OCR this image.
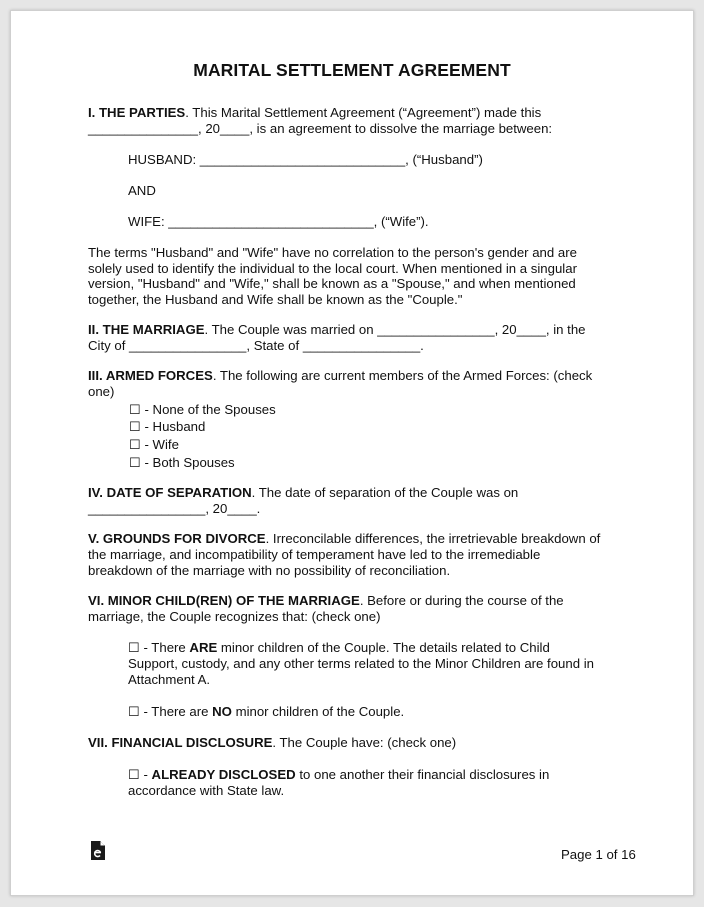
MARITAL SETTLEMENT AGREEMENT

I. THE PARTIES. This Marital Settlement Agreement (“Agreement”) made this
_______________, 20____, is an agreement to dissolve the marriage between:

HUSBAND: ____________________________, (“Husband”)

AND

WIFE: ____________________________, (“Wife”).

The terms "Husband" and "Wife" have no correlation to the person's gender and are
solely used to identify the individual to the local court. When mentioned in a singular
version, "Husband" and "Wife," shall be known as a "Spouse," and when mentioned
together, the Husband and Wife shall be known as the "Couple."

II. THE MARRIAGE. The Couple was married on ________________, 20____, in the
City of ________________, State of ________________.

III. ARMED FORCES. The following are current members of the Armed Forces: (check
one)

☐ - None of the Spouses
☐ - Husband
☐ - Wife
☐ - Both Spouses

IV. DATE OF SEPARATION. The date of separation of the Couple was on
________________, 20____.

V. GROUNDS FOR DIVORCE. Irreconcilable differences, the irretrievable breakdown of
the marriage, and incompatibility of temperament have led to the irremediable
breakdown of the marriage with no possibility of reconciliation.

VI. MINOR CHILD(REN) OF THE MARRIAGE. Before or during the course of the
marriage, the Couple recognizes that: (check one)

☐ - There ARE minor children of the Couple. The details related to Child
Support, custody, and any other terms related to the Minor Children are found in
Attachment A.

☐ - There are NO minor children of the Couple.

VII. FINANCIAL DISCLOSURE. The Couple have: (check one)

☐ - ALREADY DISCLOSED to one another their financial disclosures in
accordance with State law.

Page 1 of 16
